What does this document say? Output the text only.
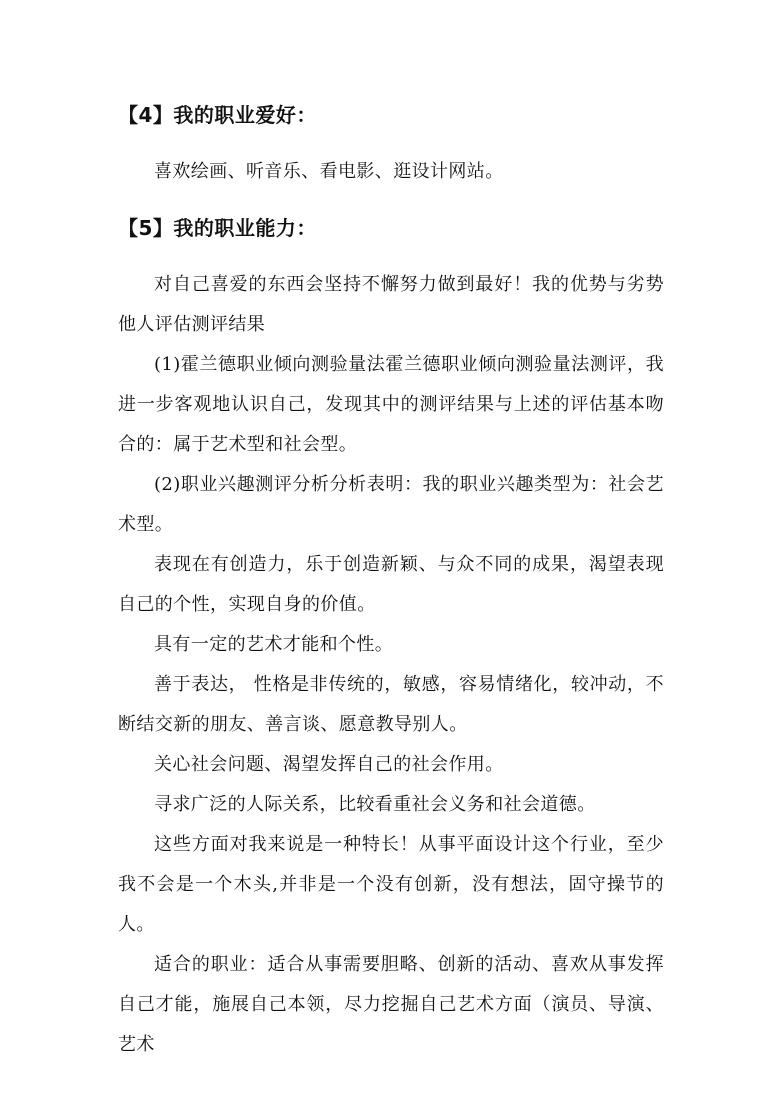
【4】我的职业爱好：

喜欢绘画、听音乐、看电影、逛设计网站。

【5】我的职业能力：

对自己喜爱的东西会坚持不懈努力做到最好！我的优势与劣势他人评估测评结果

(1)霍兰德职业倾向测验量法霍兰德职业倾向测验量法测评，我进一步客观地认识自己，发现其中的测评结果与上述的评估基本吻合的：属于艺术型和社会型。

(2)职业兴趣测评分析分析表明：我的职业兴趣类型为：社会艺术型。

表现在有创造力，乐于创造新颖、与众不同的成果，渴望表现自己的个性，实现自身的价值。

具有一定的艺术才能和个性。

善于表达， 性格是非传统的，敏感，容易情绪化，较冲动，不断结交新的朋友、善言谈、愿意教导别人。

关心社会问题、渴望发挥自己的社会作用。

寻求广泛的人际关系，比较看重社会义务和社会道德。

这些方面对我来说是一种特长！从事平面设计这个行业，至少我不会是一个木头,并非是一个没有创新，没有想法，固守操节的人。

适合的职业：适合从事需要胆略、创新的活动、喜欢从事发挥自己才能，施展自己本领，尽力挖掘自己艺术方面（演员、导演、艺术
